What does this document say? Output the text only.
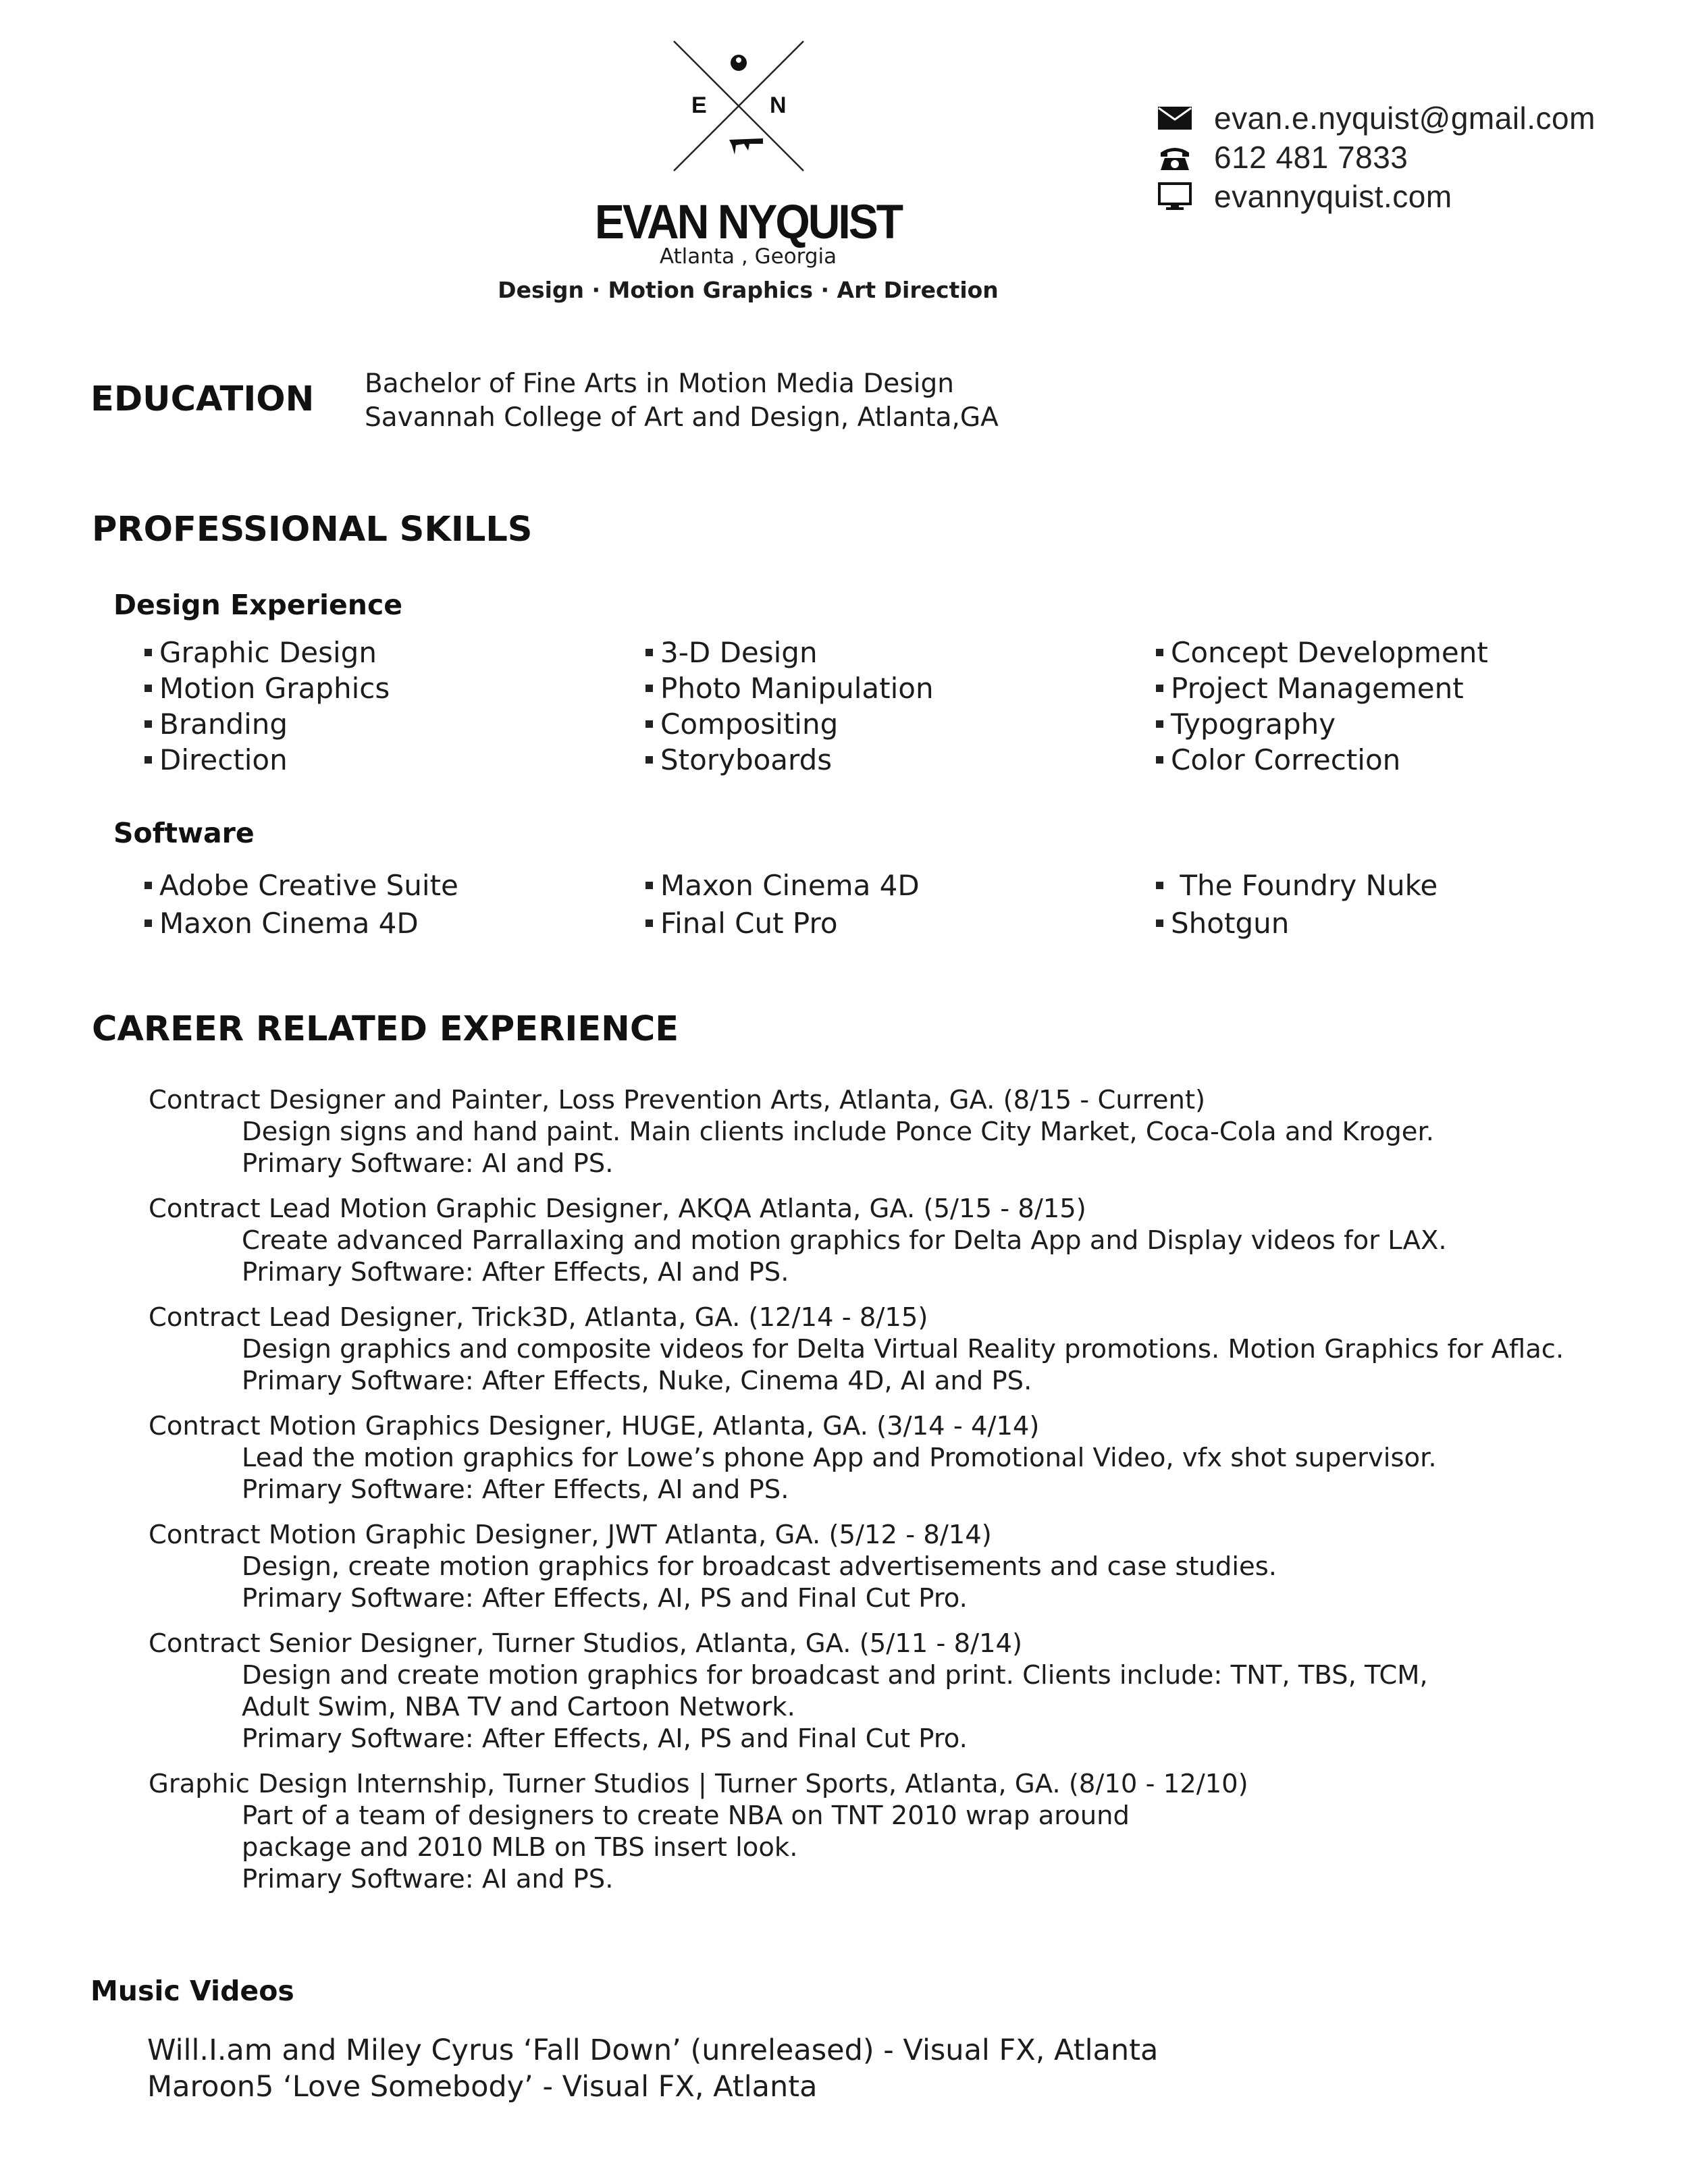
E	N
EVAN NYQUIST
Atlanta , Georgia
Design · Motion Graphics · Art Direction
evan.e.nyquist@gmail.com
612 481 7833
evannyquist.com
EDUCATION Bachelor of Fine Arts in Motion Media Design
Savannah College of Art and Design, Atlanta,GA
PROFESSIONAL SKILLS
Design Experience
Graphic Design
Motion Graphics
Branding
Direction
3-D Design
Photo Manipulation
Compositing
Storyboards
Concept Development
Project Management
Typography
Color Correction
Software
Adobe Creative Suite
Maxon Cinema 4D
Maxon Cinema 4D
Final Cut Pro
The Foundry Nuke
Shotgun
CAREER RELATED EXPERIENCE
Contract Designer and Painter, Loss Prevention Arts, Atlanta, GA. (8/15 - Current)
Design signs and hand paint. Main clients include Ponce City Market, Coca-Cola and Kroger.
Primary Software: AI and PS.
Contract Lead Motion Graphic Designer, AKQA Atlanta, GA. (5/15 - 8/15)
Create advanced Parrallaxing and motion graphics for Delta App and Display videos for LAX.
Primary Software: After Effects, AI and PS.
Contract Lead Designer, Trick3D, Atlanta, GA. (12/14 - 8/15)
Design graphics and composite videos for Delta Virtual Reality promotions. Motion Graphics for Aflac.
Primary Software: After Effects, Nuke, Cinema 4D, AI and PS.
Contract Motion Graphics Designer, HUGE, Atlanta, GA. (3/14 - 4/14)
Lead the motion graphics for Lowe’s phone App and Promotional Video, vfx shot supervisor.
Primary Software: After Effects, AI and PS.
Contract Motion Graphic Designer, JWT Atlanta, GA. (5/12 - 8/14)
Design, create motion graphics for broadcast advertisements and case studies.
Primary Software: After Effects, AI, PS and Final Cut Pro.
Contract Senior Designer, Turner Studios, Atlanta, GA. (5/11 - 8/14)
Design and create motion graphics for broadcast and print. Clients include: TNT, TBS, TCM,
Adult Swim, NBA TV and Cartoon Network.
Primary Software: After Effects, AI, PS and Final Cut Pro.
Graphic Design Internship, Turner Studios | Turner Sports, Atlanta, GA. (8/10 - 12/10)
Part of a team of designers to create NBA on TNT 2010 wrap around
package and 2010 MLB on TBS insert look.
Primary Software: AI and PS.
Music Videos
Will.I.am and Miley Cyrus ‘Fall Down’ (unreleased) - Visual FX, Atlanta
Maroon5 ‘Love Somebody’ - Visual FX, Atlanta
